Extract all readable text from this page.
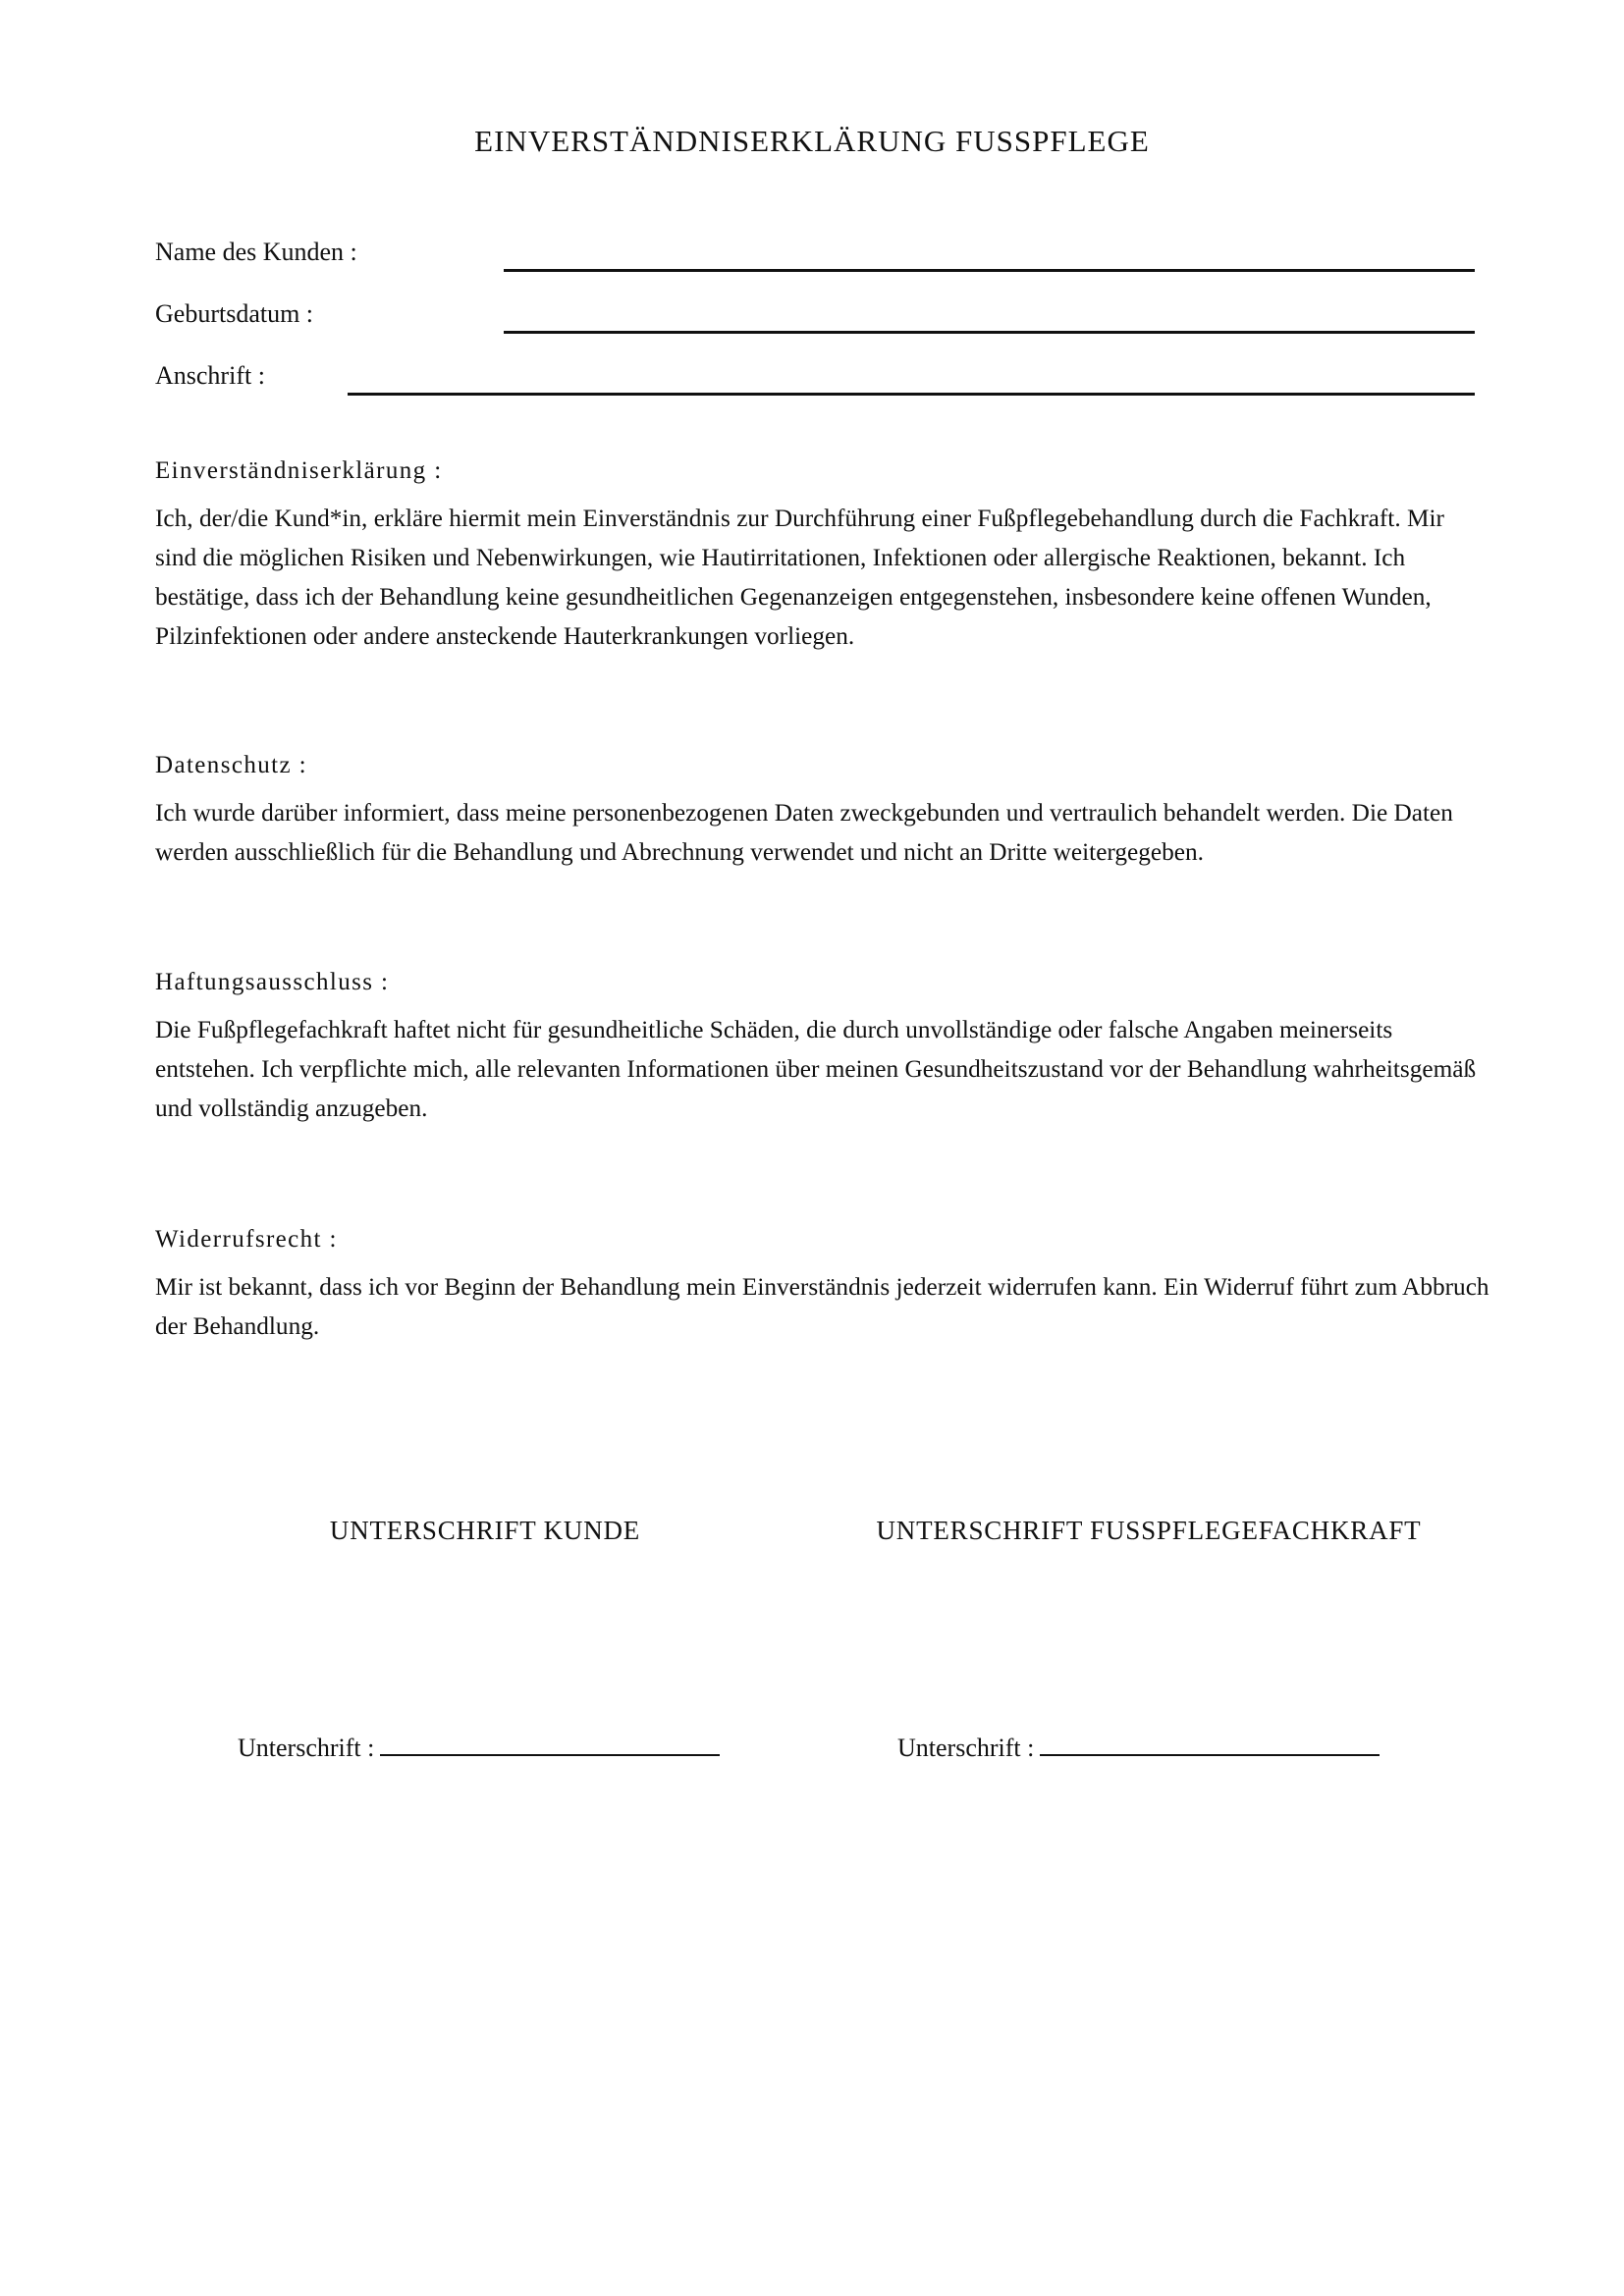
EINVERSTÄNDNISERKLÄRUNG FUSSPFLEGE
Name des Kunden :
Geburtsdatum :
Anschrift :
Einverständniserklärung :
Ich, der/die Kund*in, erkläre hiermit mein Einverständnis zur Durchführung einer Fußpflegebehandlung durch die Fachkraft. Mir sind die möglichen Risiken und Nebenwirkungen, wie Hautirritationen, Infektionen oder allergische Reaktionen, bekannt. Ich bestätige, dass ich der Behandlung keine gesundheitlichen Gegenanzeigen entgegenstehen, insbesondere keine offenen Wunden, Pilzinfektionen oder andere ansteckende Hauterkrankungen vorliegen.
Datenschutz :
Ich wurde darüber informiert, dass meine personenbezogenen Daten zweckgebunden und vertraulich behandelt werden. Die Daten werden ausschließlich für die Behandlung und Abrechnung verwendet und nicht an Dritte weitergegeben.
Haftungsausschluss :
Die Fußpflegefachkraft haftet nicht für gesundheitliche Schäden, die durch unvollständige oder falsche Angaben meinerseits entstehen. Ich verpflichte mich, alle relevanten Informationen über meinen Gesundheitszustand vor der Behandlung wahrheitsgemäß und vollständig anzugeben.
Widerrufsrecht :
Mir ist bekannt, dass ich vor Beginn der Behandlung mein Einverständnis jederzeit widerrufen kann. Ein Widerruf führt zum Abbruch der Behandlung.
UNTERSCHRIFT KUNDE	UNTERSCHRIFT FUSSPFLEGEFACHKRAFT
Unterschrift :	Unterschrift :
